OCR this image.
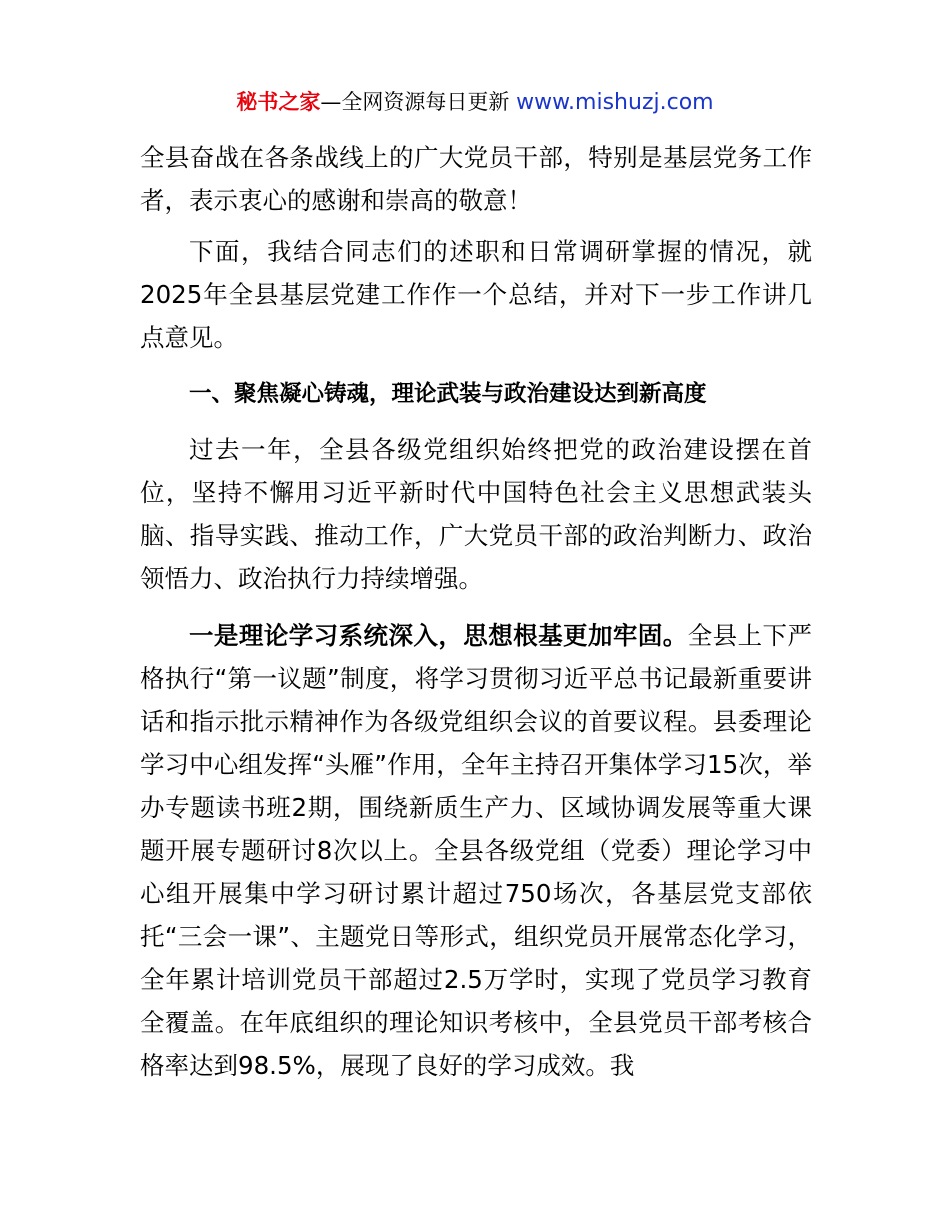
秘书之家—全网资源每日更新 www.mishuzj.com

全县奋战在各条战线上的广大党员干部，特别是基层党务工作者，表示衷心的感谢和崇高的敬意！

下面，我结合同志们的述职和日常调研掌握的情况，就2025年全县基层党建工作作一个总结，并对下一步工作讲几点意见。

一、聚焦凝心铸魂，理论武装与政治建设达到新高度

过去一年，全县各级党组织始终把党的政治建设摆在首位，坚持不懈用习近平新时代中国特色社会主义思想武装头脑、指导实践、推动工作，广大党员干部的政治判断力、政治领悟力、政治执行力持续增强。

一是理论学习系统深入，思想根基更加牢固。全县上下严格执行“第一议题”制度，将学习贯彻习近平总书记最新重要讲话和指示批示精神作为各级党组织会议的首要议程。县委理论学习中心组发挥“头雁”作用，全年主持召开集体学习15次，举办专题读书班2期，围绕新质生产力、区域协调发展等重大课题开展专题研讨8次以上。全县各级党组（党委）理论学习中心组开展集中学习研讨累计超过750场次，各基层党支部依托“三会一课”、主题党日等形式，组织党员开展常态化学习，全年累计培训党员干部超过2.5万学时，实现了党员学习教育全覆盖。在年底组织的理论知识考核中，全县党员干部考核合格率达到98.5%，展现了良好的学习成效。我
